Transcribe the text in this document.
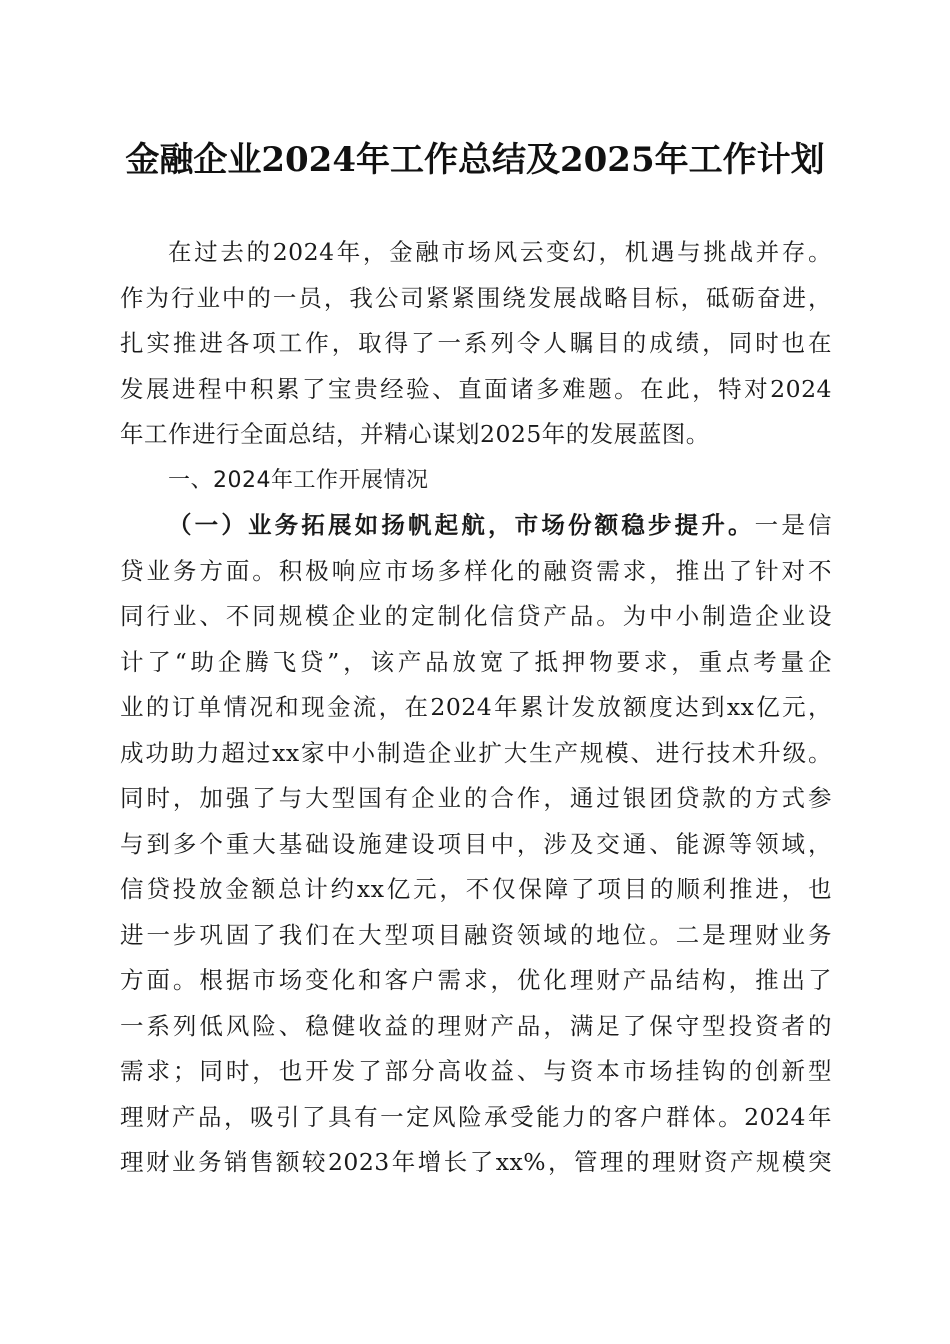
金融企业2024年工作总结及2025年工作计划
在过去的2024年，金融市场风云变幻，机遇与挑战并存。
作为行业中的一员，我公司紧紧围绕发展战略目标，砥砺奋进，
扎实推进各项工作，取得了一系列令人瞩目的成绩，同时也在
发展进程中积累了宝贵经验、直面诸多难题。在此，特对2024
年工作进行全面总结，并精心谋划2025年的发展蓝图。
一、2024年工作开展情况
（一）业务拓展如扬帆起航，市场份额稳步提升。一是信
贷业务方面。积极响应市场多样化的融资需求，推出了针对不
同行业、不同规模企业的定制化信贷产品。为中小制造企业设
计了“助企腾飞贷”，该产品放宽了抵押物要求，重点考量企
业的订单情况和现金流，在2024年累计发放额度达到xx亿元，
成功助力超过xx家中小制造企业扩大生产规模、进行技术升级。
同时，加强了与大型国有企业的合作，通过银团贷款的方式参
与到多个重大基础设施建设项目中，涉及交通、能源等领域，
信贷投放金额总计约xx亿元，不仅保障了项目的顺利推进，也
进一步巩固了我们在大型项目融资领域的地位。二是理财业务
方面。根据市场变化和客户需求，优化理财产品结构，推出了
一系列低风险、稳健收益的理财产品，满足了保守型投资者的
需求；同时，也开发了部分高收益、与资本市场挂钩的创新型
理财产品，吸引了具有一定风险承受能力的客户群体。2024年
理财业务销售额较2023年增长了xx%，管理的理财资产规模突
